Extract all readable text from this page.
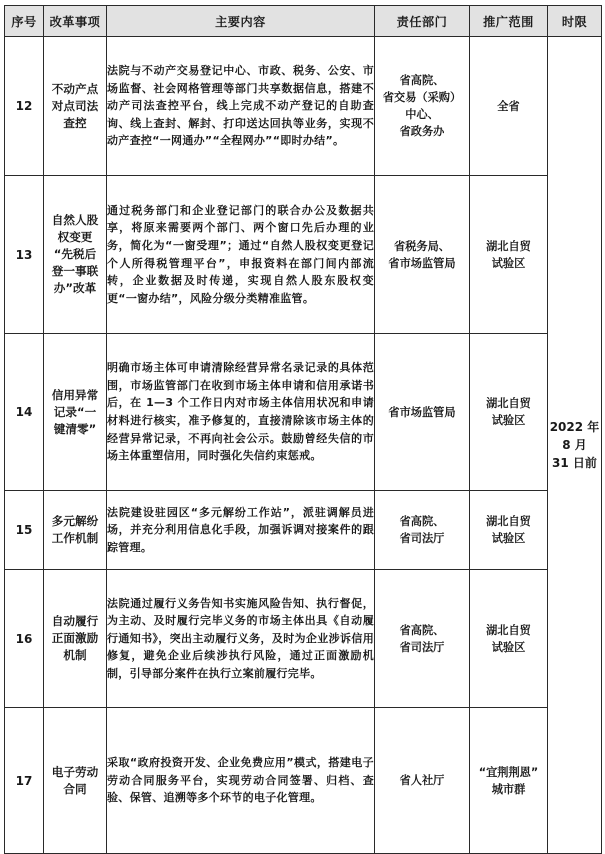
序号	改革事项	主要内容	责任部门	推广范围	时限
12	不动产点
对点司法
查控	法院与不动产交易登记中心、市政、税务、公安、市场监督、社会网格管理等部门共享数据信息，搭建不动产司法查控平台，线上完成不动产登记的自助查询、线上查封、解封、打印送达回执等业务，实现不动产查控“一网通办”“全程网办”“即时办结”。	省高院、
省交易（采购）
中心、
省政务办	全省	2022 年
8 月
31 日前
13	自然人股
权变更
“先税后
登一事联
办”改革	通过税务部门和企业登记部门的联合办公及数据共享，将原来需要两个部门、两个窗口先后办理的业务，简化为“一窗受理”；通过“自然人股权变更登记个人所得税管理平台”，申报资料在部门间内部流转，企业数据及时传递，实现自然人股东股权变更“一窗办结”，风险分级分类精准监管。	省税务局、
省市场监管局	湖北自贸
试验区	
14	信用异常
记录“一
键清零”	明确市场主体可申请清除经营异常名录记录的具体范围，市场监管部门在收到市场主体申请和信用承诺书后，在 1—3 个工作日内对市场主体信用状况和申请材料进行核实，准予修复的，直接清除该市场主体的经营异常记录，不再向社会公示。鼓励曾经失信的市场主体重塑信用，同时强化失信约束惩戒。	省市场监管局	湖北自贸
试验区	
15	多元解纷
工作机制	法院建设驻园区“多元解纷工作站”，派驻调解员进场，并充分利用信息化手段，加强诉调对接案件的跟踪管理。	省高院、
省司法厅	湖北自贸
试验区	
16	自动履行
正面激励
机制	法院通过履行义务告知书实施风险告知、执行督促，为主动、及时履行完毕义务的市场主体出具《自动履行通知书》，突出主动履行义务，及时为企业涉诉信用修复，避免企业后续涉执行风险，通过正面激励机制，引导部分案件在执行立案前履行完毕。	省高院、
省司法厅	湖北自贸
试验区	
17	电子劳动
合同	采取“政府投资开发、企业免费应用”模式，搭建电子劳动合同服务平台，实现劳动合同签署、归档、查验、保管、追溯等多个环节的电子化管理。	省人社厅	“宜荆荆恩”
城市群	
